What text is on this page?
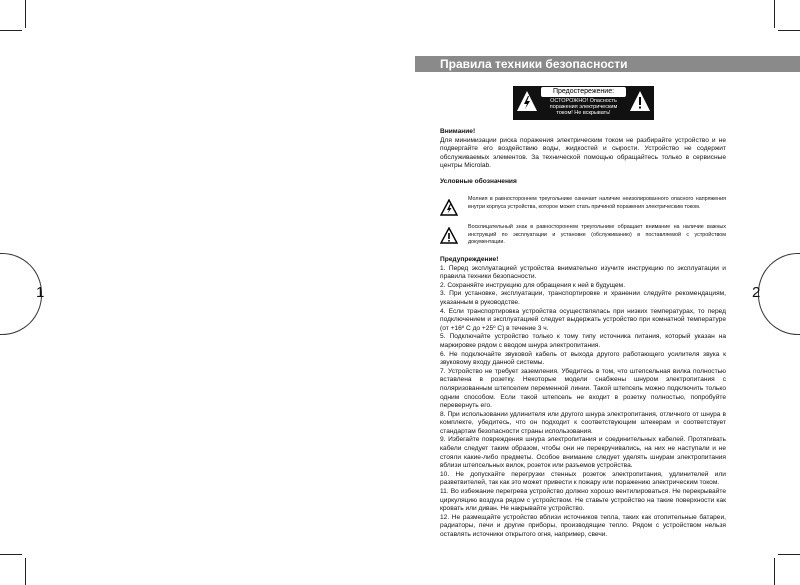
1	2
Правила техники безопасности
Предостережение:
ОСТОРОЖНО! Опасность поражения электрическим током! Не вскрывать!
Внимание!
Для минимизации риска поражения электрическим током не разбирайте устройство и не подвергайте его воздействию воды, жидкостей и сырости. Устройство не содержит обслуживаемых элементов. За технической помощью обращайтесь только в сервисные центры Microlab.
Условные обозначения
Молния в равностороннем треугольнике означает наличие неизолированного опасного напряжения внутри корпуса устройства, которое может стать причиной поражения электрическим током.
Восклицательный знак в равностороннем треугольнике обращает внимание на наличие важных инструкций по эксплуатации и установке (обслуживанию) в поставляемой с устройством документации.
Предупреждение!
1. Перед эксплуатацией устройства внимательно изучите инструкцию по эксплуатации и правила техники безопасности.
2. Сохраняйте инструкцию для обращения к ней в будущем.
3. При установке, эксплуатации, транспортировке и хранении следуйте рекомендациям, указанным в руководстве.
4. Если транспортировка устройства осуществлялась при низких температурах, то перед подключением и эксплуатацией следует выдержать устройство при комнатной температуре (от +16º С до +25º С) в течение 3 ч.
5. Подключайте устройство только к тому типу источника питания, который указан на маркировке рядом с вводом шнура электропитания.
6. Не подключайте звуковой кабель от выхода другого работающего усилителя звука к звуковому входу данной системы.
7. Устройство не требует заземления. Убедитесь в том, что штепсельная вилка полностью вставлена в розетку. Некоторые модели снабжены шнуром электропитания с поляризованным штепселем переменной линии. Такой штепсель можно подключить только одним способом. Если такой штепсель не входит в розетку полностью, попробуйте перевернуть его.
8. При использовании удлинителя или другого шнура электропитания, отличного от шнура в комплекте, убедитесь, что он подходит к соответствующим штекерам и соответствует стандартам безопасности страны использования.
9. Избегайте повреждения шнура электропитания и соединительных кабелей. Протягивать кабели следует таким образом, чтобы они не перекручивались, на них не наступали и не стояли какие-либо предметы. Особое внимание следует уделять шнурам электропитания вблизи штепсельных вилок, розеток или разъемов устройства.
10. Не допускайте перегрузки стенных розеток электропитания, удлинителей или разветвителей, так как это может привести к пожару или поражению электрическим током.
11. Во избежание перегрева устройство должно хорошо вентилироваться. Не перекрывайте циркуляцию воздуха рядом с устройством. Не ставьте устройство на такие поверхности как кровать или диван. Не накрывайте устройство.
12. Не размещайте устройство вблизи источников тепла, таких как отопительные батареи, радиаторы, печи и другие приборы, производящие тепло. Рядом с устройством нельзя оставлять источники открытого огня, например, свечи.
